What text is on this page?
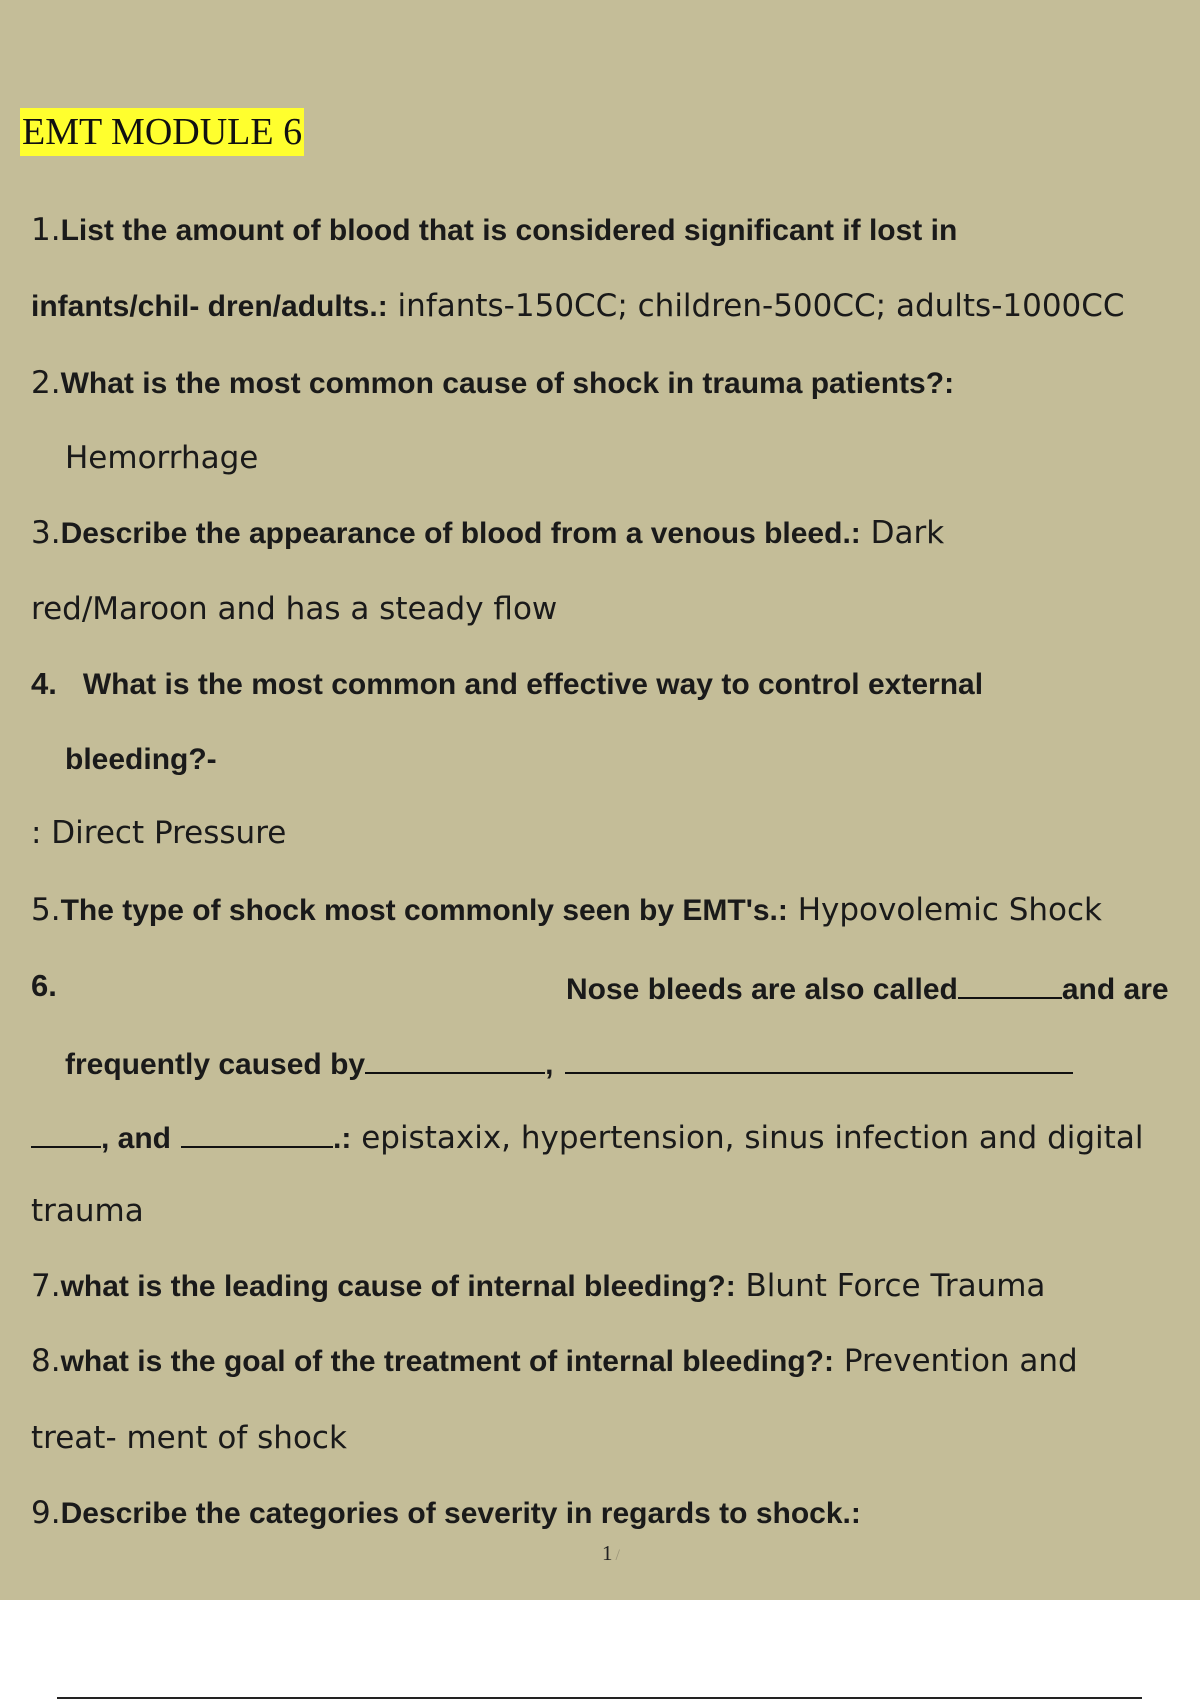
EMT MODULE 6
1.List the amount of blood that is considered significant if lost in
infants/chil- dren/adults.: infants-150CC; children-500CC; adults-1000CC
2.What is the most common cause of shock in trauma patients?:
Hemorrhage
3.Describe the appearance of blood from a venous bleed.: Dark
red/Maroon and has a steady flow
4. What is the most common and effective way to control external
bleeding?-
: Direct Pressure
5.The type of shock most commonly seen by EMT's.: Hypovolemic Shock
6.	Nose bleeds are also called	and are
frequently caused by	,
, and	.: epistaxix, hypertension, sinus infection and digital
trauma
7.what is the leading cause of internal bleeding?: Blunt Force Trauma
8.what is the goal of the treatment of internal bleeding?: Prevention and
treat- ment of shock
9.Describe the categories of severity in regards to shock.:
1 /
